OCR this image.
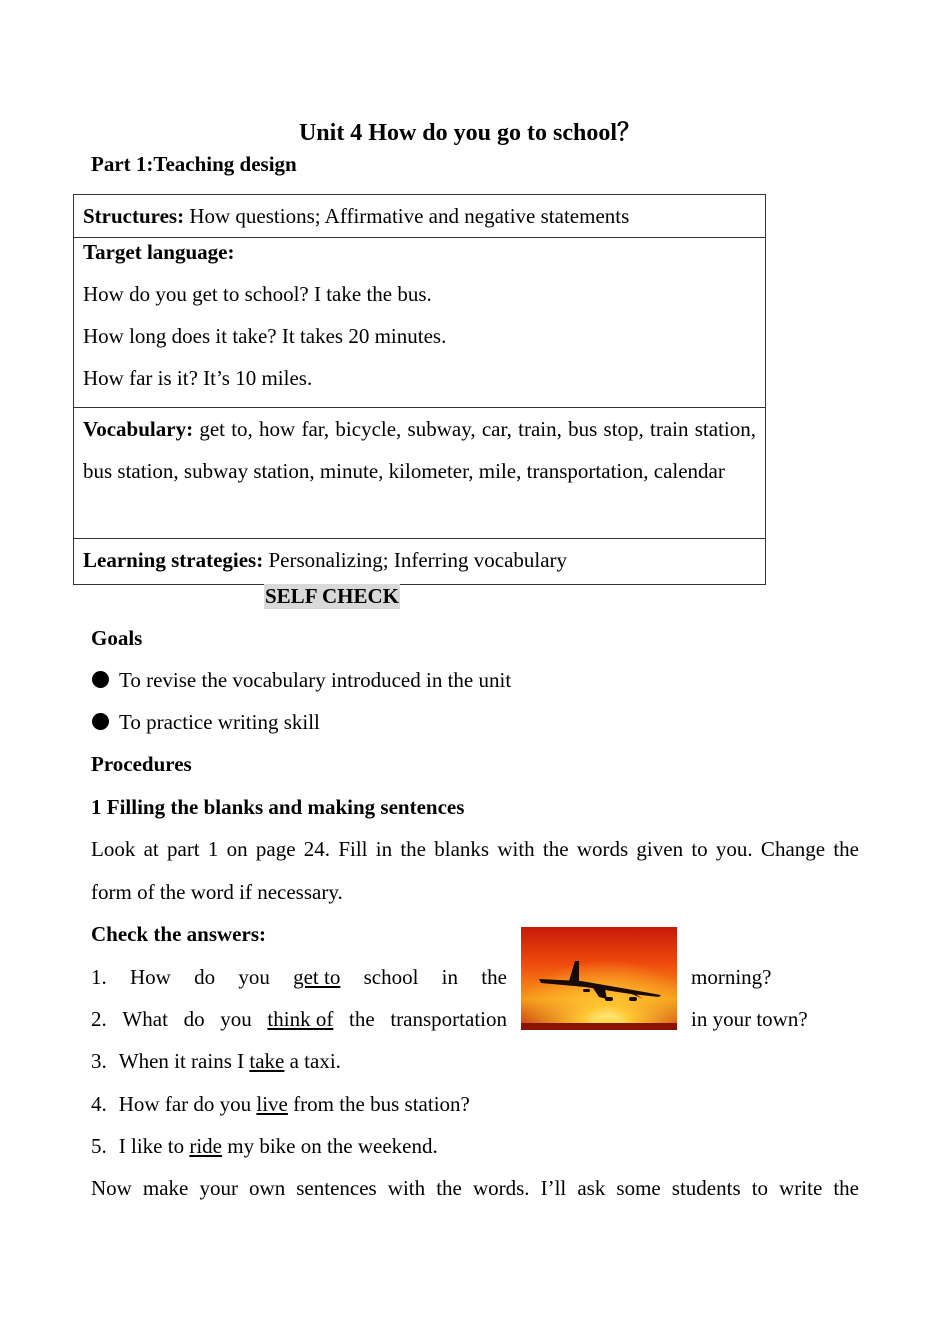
Unit 4 How do you go to school？
Part 1:Teaching design
Structures: How questions; Affirmative and negative statements

Target language:
How do you get to school? I take the bus.
How long does it take? It takes 20 minutes.
How far is it? It’s 10 miles.

Vocabulary: get to, how far, bicycle, subway, car, train, bus stop, train station, bus station, subway station, minute, kilometer, mile, transportation, calendar
Learning strategies: Personalizing; Inferring vocabulary
SELF CHECK
Goals
To revise the vocabulary introduced in the unit
To practice writing skill
Procedures
1 Filling the blanks and making sentences
Look at part 1 on page 24. Fill in the blanks with the words given to you. Change the
form of the word if necessary.
Check the answers:
1. How do you get to school in the	morning?
2. What do you think of the transportation	in your town?
3. When it rains I take a taxi.
4. How far do you live from the bus station?
5. I like to ride my bike on the weekend.
Now make your own sentences with the words. I’ll ask some students to write the
